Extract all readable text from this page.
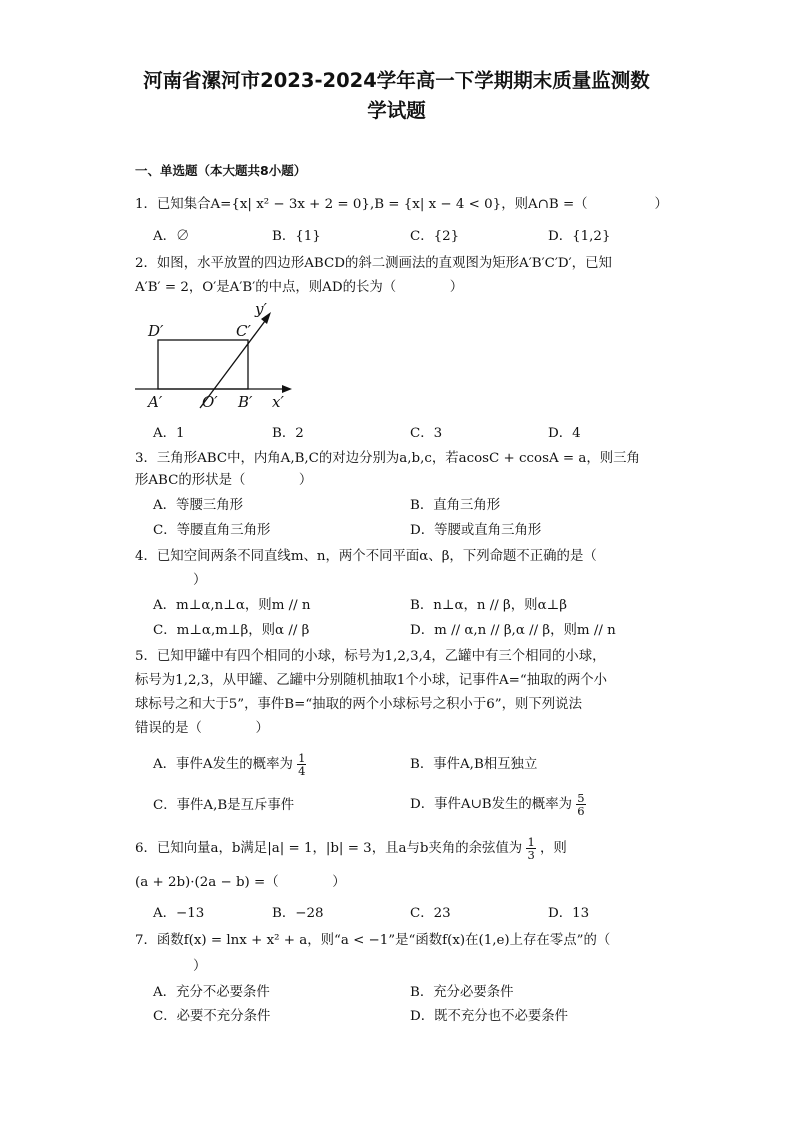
河南省漯河市2023-2024学年高一下学期期末质量监测数
学试题
一、单选题（本大题共8小题）
1．已知集合A={x| x² − 3x + 2 = 0},B = {x| x − 4 < 0}，则A∩B =（　　　　　）
A．∅	B．{1}	C．{2}	D．{1,2}
2．如图，水平放置的四边形ABCD的斜二测画法的直观图为矩形A′B′C′D′，已知
A′B′ = 2，O′是A′B′的中点，则AD的长为（　　　　）
D′	C′
y′
A′	O′ B′ x′
A．1	B．2	C．3	D．4
3．三角形ABC中，内角A,B,C的对边分别为a,b,c，若acosC + ccosA = a，则三角
形ABC的形状是（　　　　）
A．等腰三角形	B．直角三角形
C．等腰直角三角形	D．等腰或直角三角形
4．已知空间两条不同直线m、n，两个不同平面α、β，下列命题不正确的是（
）
A．m⊥α,n⊥α，则m // n	B．n⊥α，n // β，则α⊥β
C．m⊥α,m⊥β，则α // β	D．m // α,n // β,α // β，则m // n
5．已知甲罐中有四个相同的小球，标号为1,2,3,4，乙罐中有三个相同的小球，
标号为1,2,3，从甲罐、乙罐中分别随机抽取1个小球，记事件A=“抽取的两个小
球标号之和大于5”，事件B=“抽取的两个小球标号之积小于6”，则下列说法
错误的是（　　　　）
A．事件A发生的概率为 $\frac{1}{4}$	B．事件A,B相互独立
C．事件A,B是互斥事件	D．事件A∪B发生的概率为 $\frac{5}{6}$
6．已知向量a，b满足|a| = 1，|b| = 3，且a与b夹角的余弦值为 $\frac{1}{3}$ ，则
(a + 2b)·(2a − b) =（　　　　）
A．−13	B．−28	C．23	D．13
7．函数f(x) = lnx + x² + a，则“a < −1”是“函数f(x)在(1,e)上存在零点”的（
）
A．充分不必要条件	B．充分必要条件
C．必要不充分条件	D．既不充分也不必要条件
